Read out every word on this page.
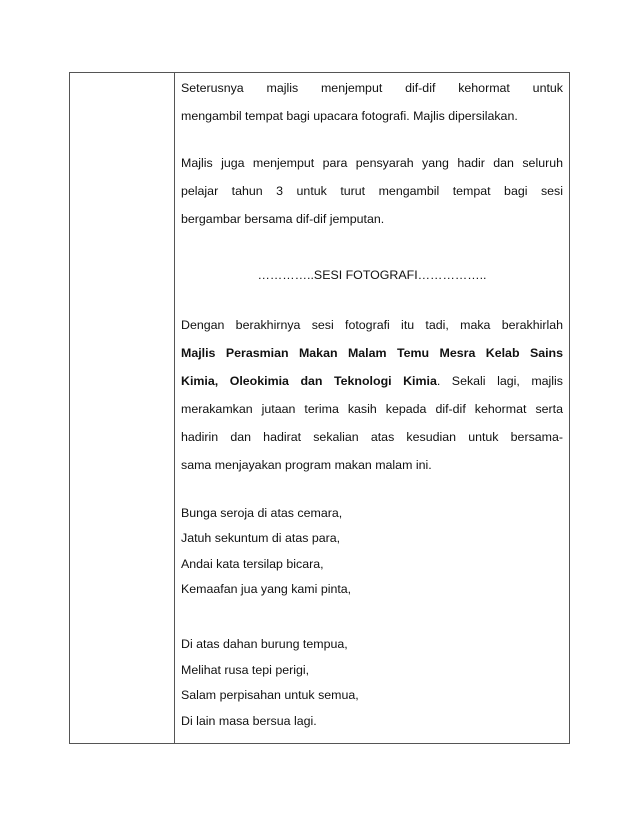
Seterusnya majlis menjemput dif-dif kehormat untuk
mengambil tempat bagi upacara fotografi. Majlis dipersilakan.
Majlis juga menjemput para pensyarah yang hadir dan seluruh
pelajar tahun 3 untuk turut mengambil tempat bagi sesi
bergambar bersama dif-dif jemputan.
…………..SESI FOTOGRAFI……………..
Dengan berakhirnya sesi fotografi itu tadi, maka berakhirlah
Majlis Perasmian Makan Malam Temu Mesra Kelab Sains
Kimia, Oleokimia dan Teknologi Kimia. Sekali lagi, majlis
merakamkan jutaan terima kasih kepada dif-dif kehormat serta
hadirin dan hadirat sekalian atas kesudian untuk bersama-
sama menjayakan program makan malam ini.
Bunga seroja di atas cemara,
Jatuh sekuntum di atas para,
Andai kata tersilap bicara,
Kemaafan jua yang kami pinta,
Di atas dahan burung tempua,
Melihat rusa tepi perigi,
Salam perpisahan untuk semua,
Di lain masa bersua lagi.
